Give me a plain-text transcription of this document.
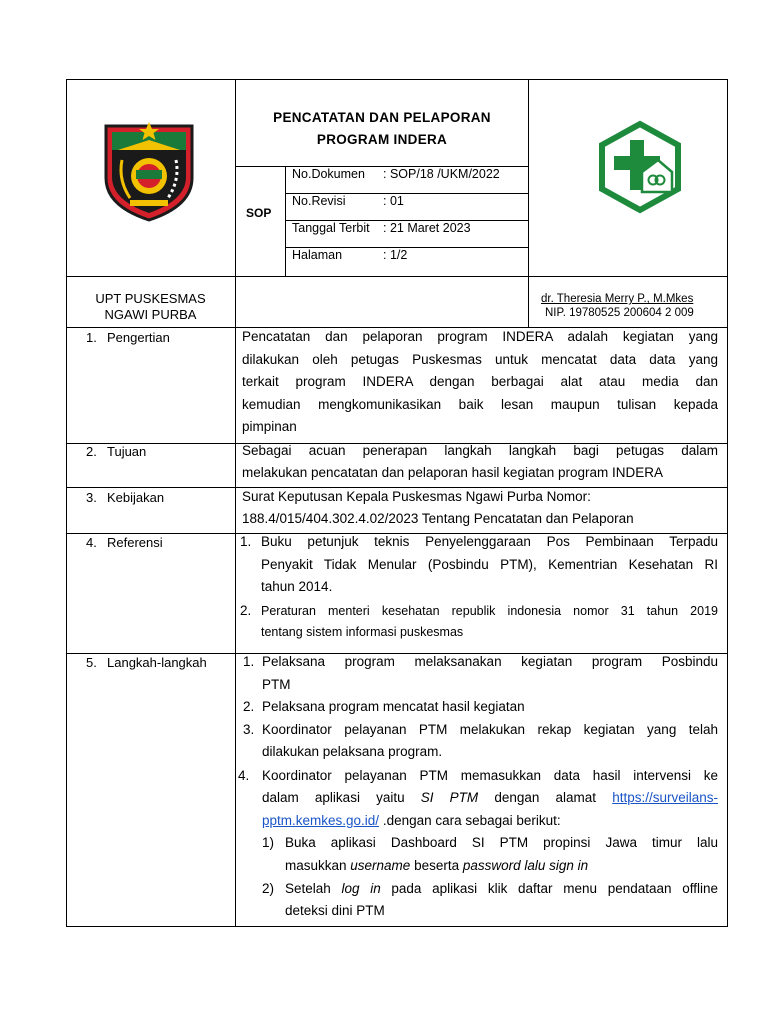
PENCATATAN DAN PELAPORAN
PROGRAM INDERA
SOP
No.Dokumen : SOP/18 /UKM/2022
No.Revisi	: 01
Tanggal Terbit : 21 Maret 2023
Halaman	: 1/2
UPT PUSKESMAS
NGAWI PURBA
dr. Theresia Merry P., M.Mkes
NIP. 19780525 200604 2 009
1. Pengertian
2. Tujuan
3. Kebijakan
4. Referensi
5. Langkah-langkah
Pencatatan dan pelaporan program INDERA adalah kegiatan yang
dilakukan oleh petugas Puskesmas untuk mencatat data data yang
terkait program INDERA dengan berbagai alat atau media dan
kemudian mengkomunikasikan baik lesan maupun tulisan kepada
pimpinan
Sebagai acuan penerapan langkah langkah bagi petugas dalam
melakukan pencatatan dan pelaporan hasil kegiatan program INDERA
Surat Keputusan Kepala Puskesmas Ngawi Purba Nomor:
188.4/015/404.302.4.02/2023 Tentang Pencatatan dan Pelaporan
1. Buku petunjuk teknis Penyelenggaraan Pos Pembinaan Terpadu
Penyakit Tidak Menular (Posbindu PTM), Kementrian Kesehatan RI
tahun 2014.
2. Peraturan menteri kesehatan republik indonesia nomor 31 tahun 2019
tentang sistem informasi puskesmas
1. Pelaksana program melaksanakan kegiatan program Posbindu
PTM
2. Pelaksana program mencatat hasil kegiatan
3. Koordinator pelayanan PTM melakukan rekap kegiatan yang telah
dilakukan pelaksana program.
4. Koordinator pelayanan PTM memasukkan data hasil intervensi ke
dalam aplikasi yaitu SI PTM dengan alamat https://surveilans-
pptm.kemkes.go.id/ .dengan cara sebagai berikut:
1) Buka aplikasi Dashboard SI PTM propinsi Jawa timur lalu
masukkan username beserta password lalu sign in
2) Setelah log in pada aplikasi klik daftar menu pendataan offline
deteksi dini PTM
